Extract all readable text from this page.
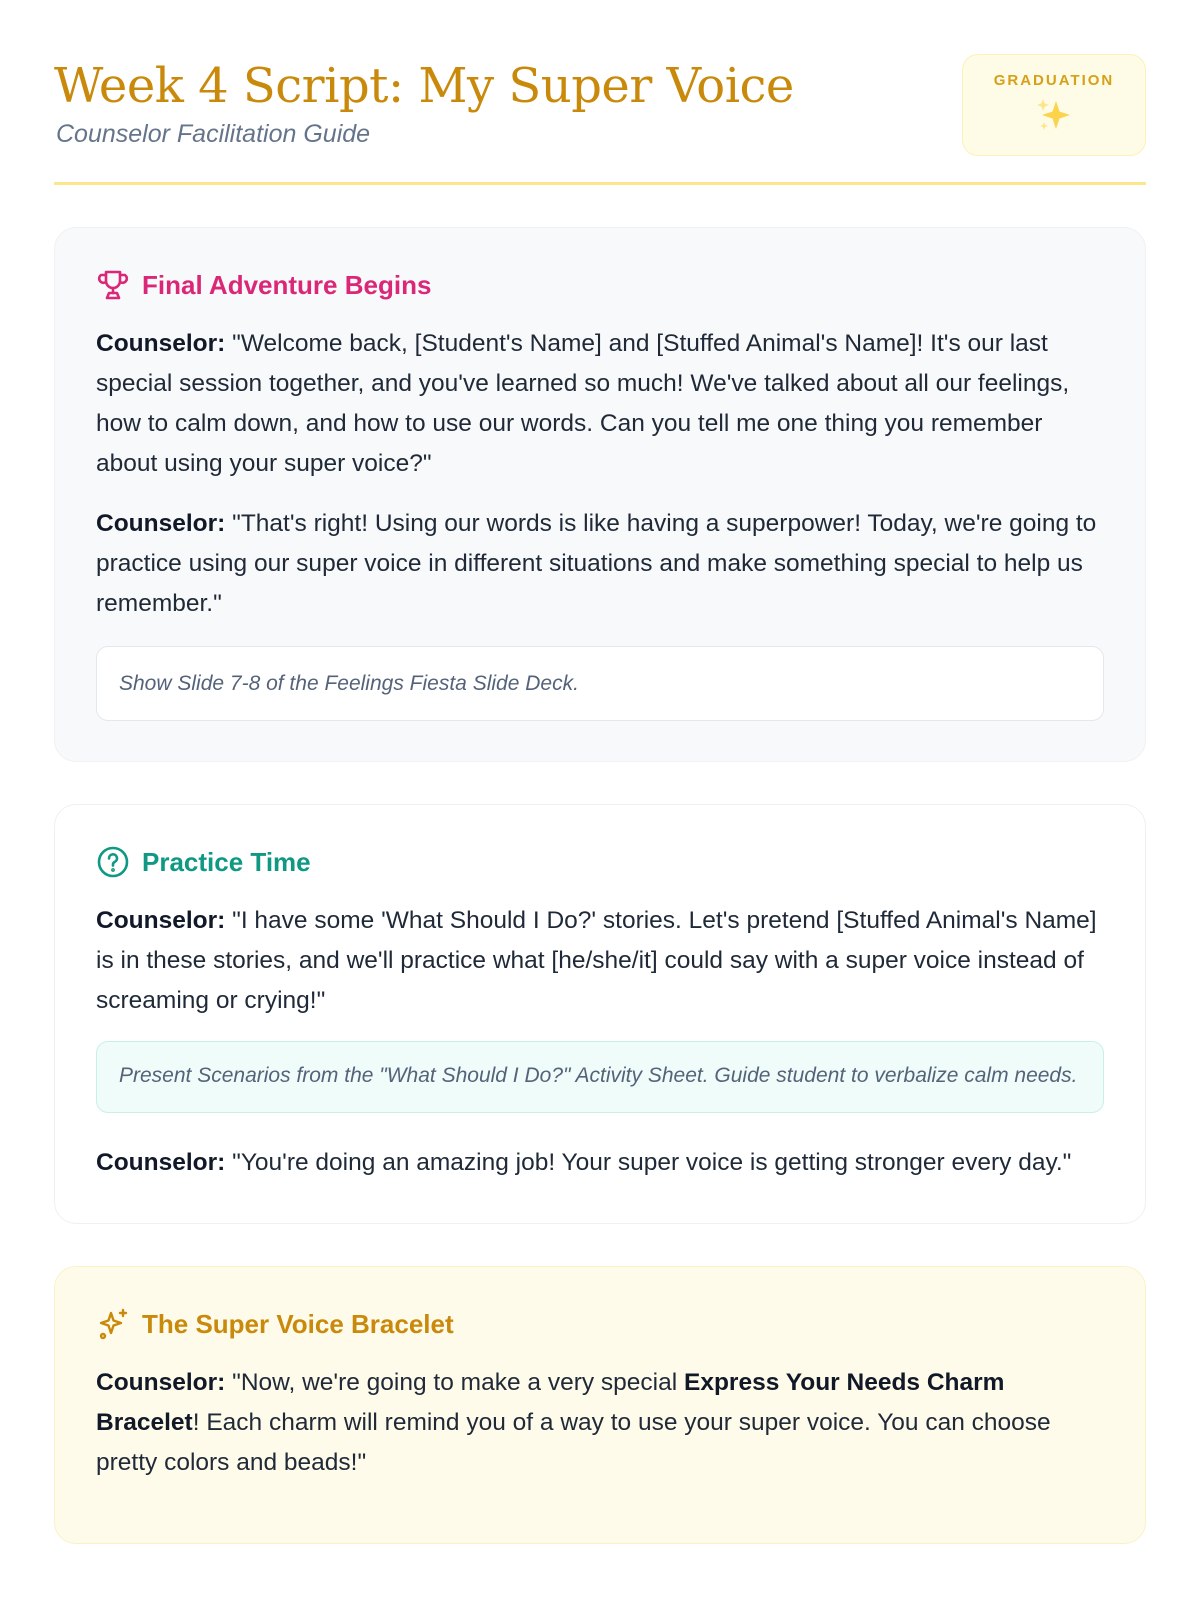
Week 4 Script: My Super Voice
Counselor Facilitation Guide
GRADUATION
Final Adventure Begins

Counselor: "Welcome back, [Student's Name] and [Stuffed Animal's Name]! It's our last special session together, and you've learned so much! We've talked about all our feelings, how to calm down, and how to use our words. Can you tell me one thing you remember about using your super voice?"

Counselor: "That's right! Using our words is like having a superpower! Today, we're going to practice using our super voice in different situations and make something special to help us remember."

Show Slide 7-8 of the Feelings Fiesta Slide Deck.
Practice Time

Counselor: "I have some 'What Should I Do?' stories. Let's pretend [Stuffed Animal's Name] is in these stories, and we'll practice what [he/she/it] could say with a super voice instead of screaming or crying!"

Present Scenarios from the "What Should I Do?" Activity Sheet. Guide student to verbalize calm needs.

Counselor: "You're doing an amazing job! Your super voice is getting stronger every day."

The Super Voice Bracelet

Counselor: "Now, we're going to make a very special Express Your Needs Charm Bracelet! Each charm will remind you of a way to use your super voice. You can choose pretty colors and beads!"
